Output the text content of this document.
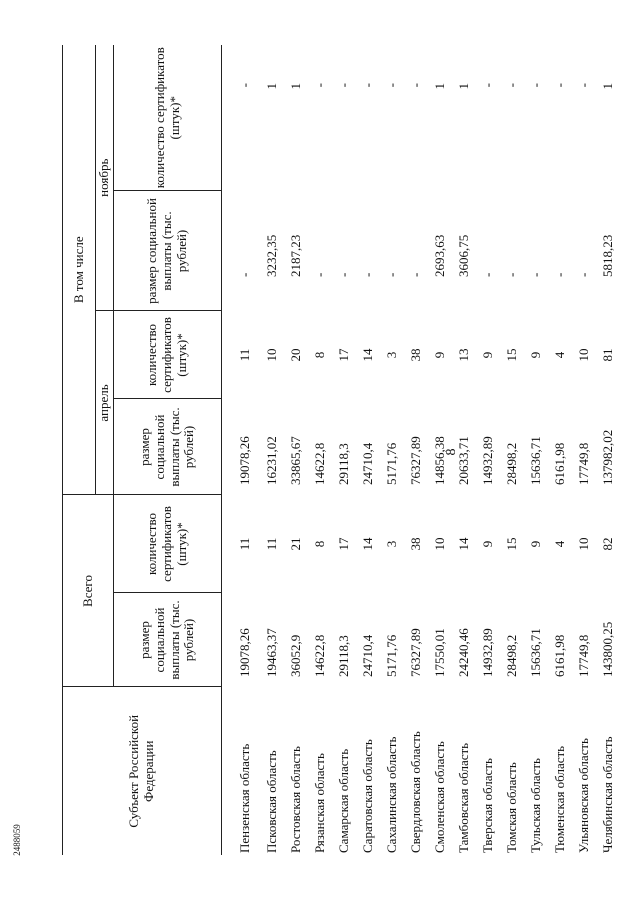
8
2488059
Субъект Российской Федерации	Всего		В том числе			
			апрель		ноябрь	
	размер социальной выплаты (тыс. рублей)	количество сертификатов (штук)*	размер социальной выплаты (тыс. рублей)	количество сертификатов (штук)*	размер социальной выплаты (тыс. рублей)	количество сертификатов (штук)*
Пензенская область	19078,26	11	19078,26	11	-	-
Псковская область	19463,37	11	16231,02	10	3232,35	1
Ростовская область	36052,9	21	33865,67	20	2187,23	1
Рязанская область	14622,8	8	14622,8	8	-	-
Самарская область	29118,3	17	29118,3	17	-	-
Саратовская область	24710,4	14	24710,4	14	-	-
Сахалинская область	5171,76	3	5171,76	3	-	-
Свердловская область	76327,89	38	76327,89	38	-	-
Смоленская область	17550,01	10	14856,38	9	2693,63	1
Тамбовская область	24240,46	14	20633,71	13	3606,75	1
Тверская область	14932,89	9	14932,89	9	-	-
Томская область	28498,2	15	28498,2	15	-	-
Тульская область	15636,71	9	15636,71	9	-	-
Тюменская область	6161,98	4	6161,98	4	-	-
Ульяновская область	17749,8	10	17749,8	10	-	-
Челябинская область	143800,25	82	137982,02	81	5818,23	1
